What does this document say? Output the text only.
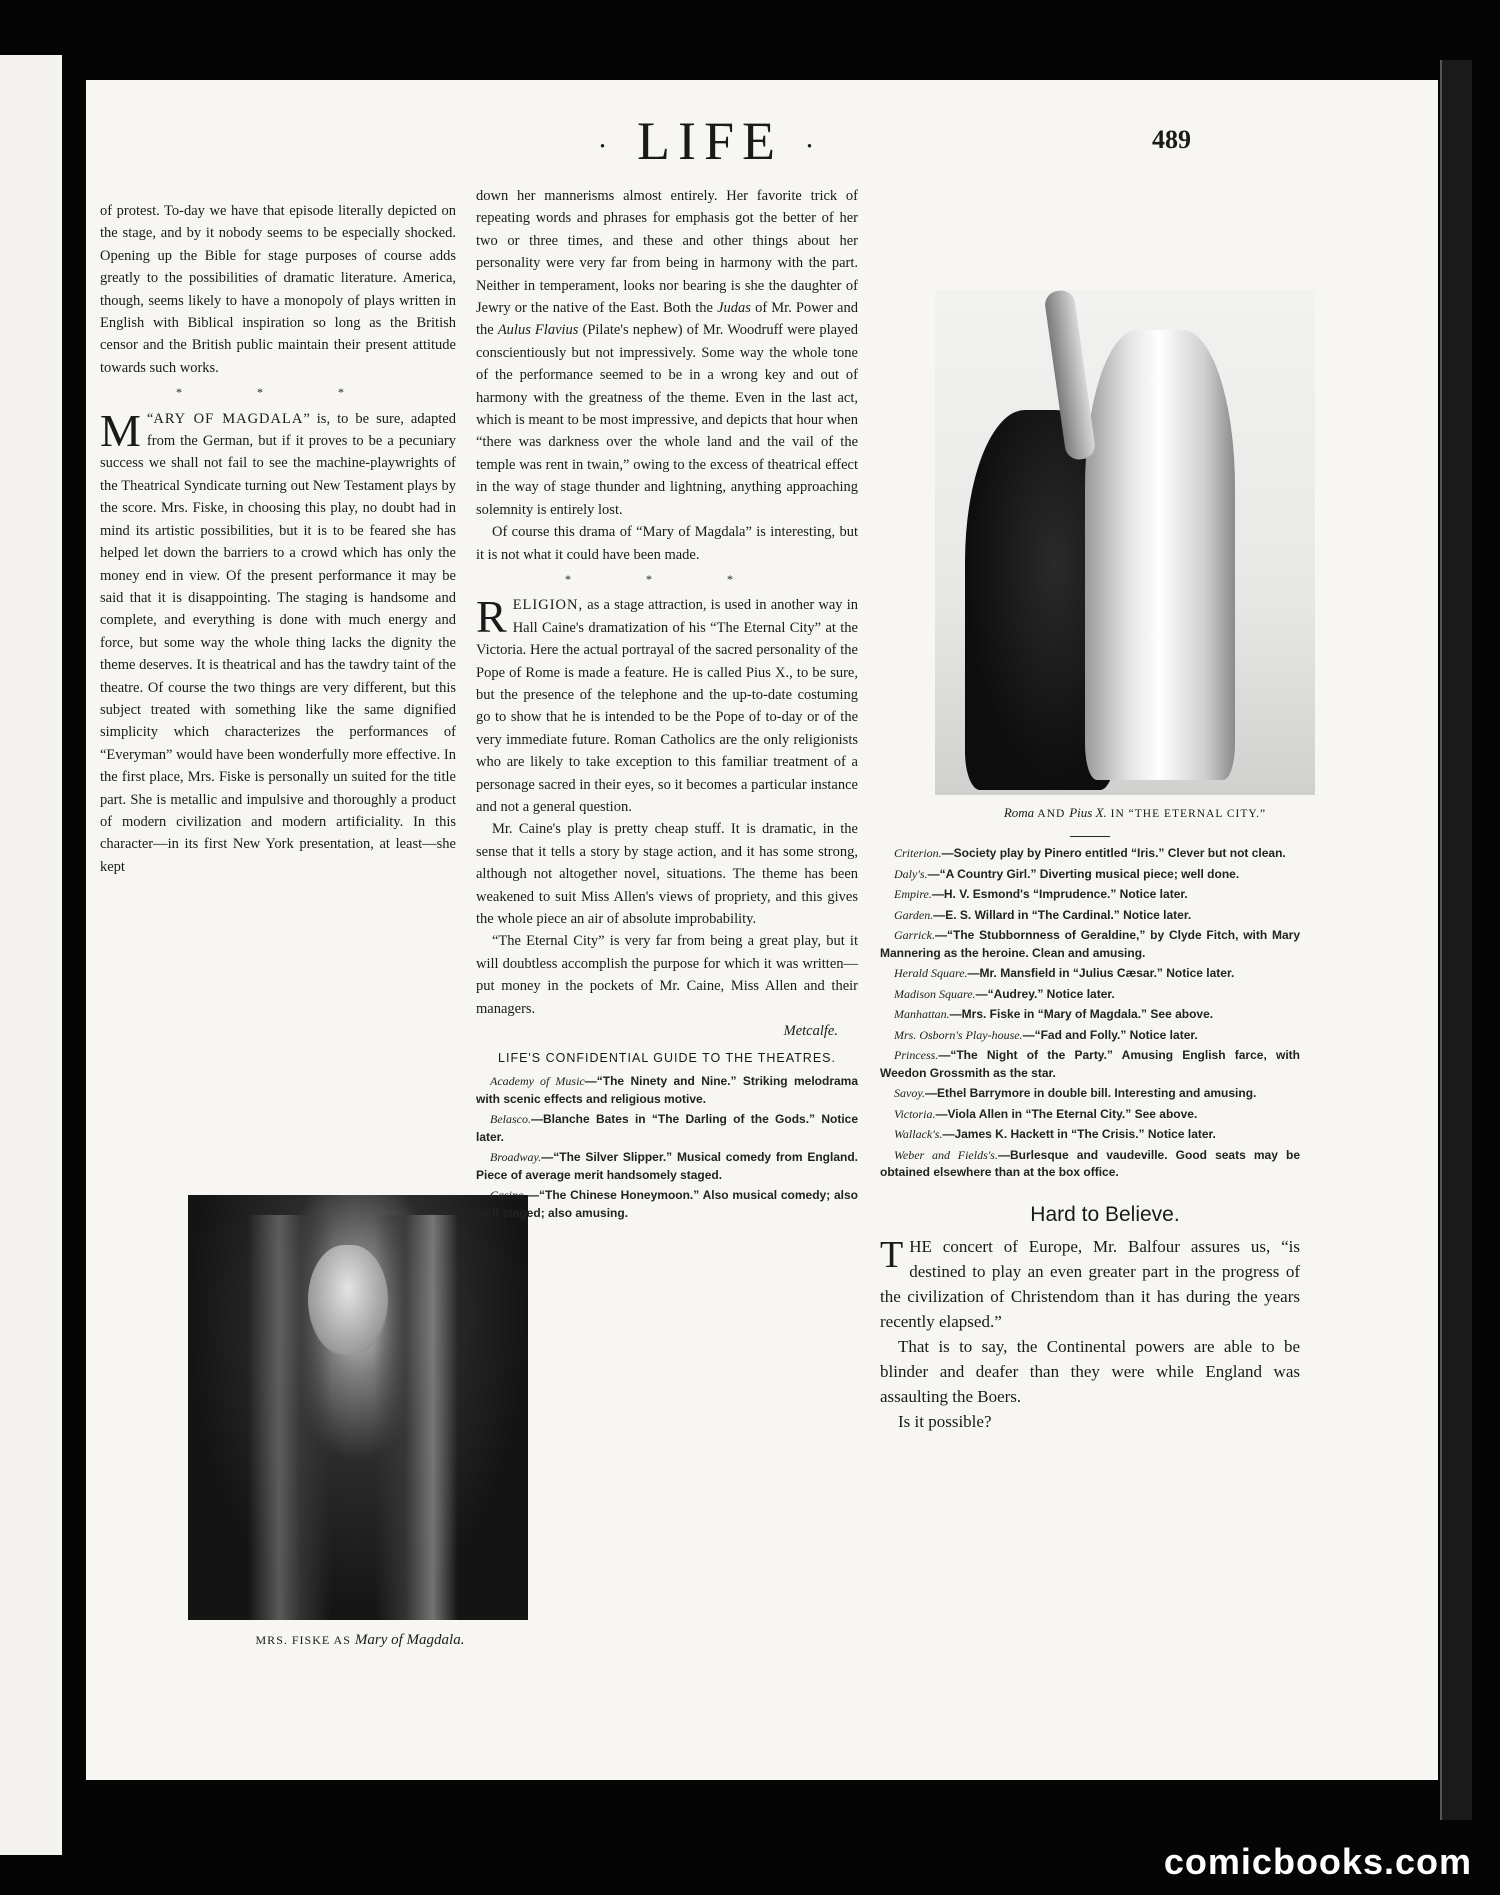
· LIFE ·	489

of protest. To-day we have that episode literally depicted on the stage, and by it nobody seems to be especially shocked. Opening up the Bible for stage purposes of course adds greatly to the possibilities of dramatic literature. America, though, seems likely to have a monopoly of plays written in English with Biblical inspiration so long as the British censor and the British public maintain their present attitude towards such works.

* * *

“
M ARY OF MAGDALA” is, to be sure, adapted from the German, but if it proves to be a pecuniary success we shall not fail to see the machine-playwrights of the Theatrical Syndicate turning out New Testament plays by the score. Mrs. Fiske, in choosing this play, no doubt had in mind its artistic possibilities, but it is to be feared she has helped let down the barriers to a crowd which has only the money end in view. Of the present performance it may be said that it is disappointing. The staging is handsome and complete, and everything is done with much energy and force, but some way the whole thing lacks the dignity the theme deserves. It is theatrical and has the tawdry taint of the theatre. Of course the two things are very different, but this subject treated with something like the same dignified simplicity which characterizes the performances of “Everyman” would have been wonderfully more effective. In the first place, Mrs. Fiske is personally un suited for the title part. She is metallic and impulsive and thoroughly a product of modern civilization and modern artificiality. In this character—in its first New York presentation, at least—she kept

MRS. FISKE AS Mary of Magdala.

down her mannerisms almost entirely. Her favorite trick of repeating words and phrases for emphasis got the better of her two or three times, and these and other things about her personality were very far from being in harmony with the part. Neither in temperament, looks nor bearing is she the daughter of Jewry or the native of the East. Both the Judas of Mr. Power and the Aulus Flavius (Pilate's nephew) of Mr. Woodruff were played conscientiously but not impressively. Some way the whole tone of the performance seemed to be in a wrong key and out of harmony with the greatness of the theme. Even in the last act, which is meant to be most impressive, and depicts that hour when “there was darkness over the whole land and the vail of the temple was rent in twain,” owing to the excess of theatrical effect in the way of stage thunder and lightning, anything approaching solemnity is entirely lost.

Of course this drama of “Mary of Magdala” is interesting, but it is not what it could have been made.

* * *

RELIGION, as a stage attraction, is used in another way in Hall Caine's dramatization of his “The Eternal City” at the Victoria. Here the actual portrayal of the sacred personality of the Pope of Rome is made a feature. He is called Pius X., to be sure, but the presence of the telephone and the up-to-date costuming go to show that he is intended to be the Pope of to-day or of the very immediate future. Roman Catholics are the only religionists who are likely to take exception to this familiar treatment of a personage sacred in their eyes, so it becomes a particular instance and not a general question.

Mr. Caine's play is pretty cheap stuff. It is dramatic, in the sense that it tells a story by stage action, and it has some strong, although not altogether novel, situations. The theme has been weakened to suit Miss Allen's views of propriety, and this gives the whole piece an air of absolute improbability.

“The Eternal City” is very far from being a great play, but it will doubtless accomplish the purpose for which it was written—put money in the pockets of Mr. Caine, Miss Allen and their managers.

Metcalfe.
LIFE'S CONFIDENTIAL GUIDE TO THE THEATRES.
Academy of Music—“The Ninety and Nine.” Striking melodrama with scenic effects and religious motive.
Belasco.—Blanche Bates in “The Darling of the Gods.” Notice later.
Broadway.—“The Silver Slipper.” Musical comedy from England. Piece of average merit handsomely staged.
Casino.—“The Chinese Honeymoon.” Also musical comedy; also well staged; also amusing.
Roma AND Pius X. IN “THE ETERNAL CITY.”
Criterion.—Society play by Pinero entitled “Iris.” Clever but not clean.
Daly's.—“A Country Girl.” Diverting musical piece; well done.
Empire.—H. V. Esmond's “Imprudence.” Notice later.
Garden.—E. S. Willard in “The Cardinal.” Notice later.
Garrick.—“The Stubbornness of Geraldine,” by Clyde Fitch, with Mary Mannering as the heroine. Clean and amusing.
Herald Square.—Mr. Mansfield in “Julius Cæsar.” Notice later.
Madison Square.—“Audrey.” Notice later.
Manhattan.—Mrs. Fiske in “Mary of Magdala.” See above.
Mrs. Osborn's Play-house.—“Fad and Folly.” Notice later.
Princess.—“The Night of the Party.” Amusing English farce, with Weedon Grossmith as the star.
Savoy.—Ethel Barrymore in double bill. Interesting and amusing.
Victoria.—Viola Allen in “The Eternal City.” See above.
Wallack's.—James K. Hackett in “The Crisis.” Notice later.
Weber and Fields's.—Burlesque and vaudeville. Good seats may be obtained elsewhere than at the box office.
Hard to Believe.

THE concert of Europe, Mr. Balfour assures us, “is destined to play an even greater part in the progress of the civilization of Christendom than it has during the years recently elapsed.”

That is to say, the Continental powers are able to be blinder and deafer than they were while England was assaulting the Boers.

Is it possible?

comicbooks.com
